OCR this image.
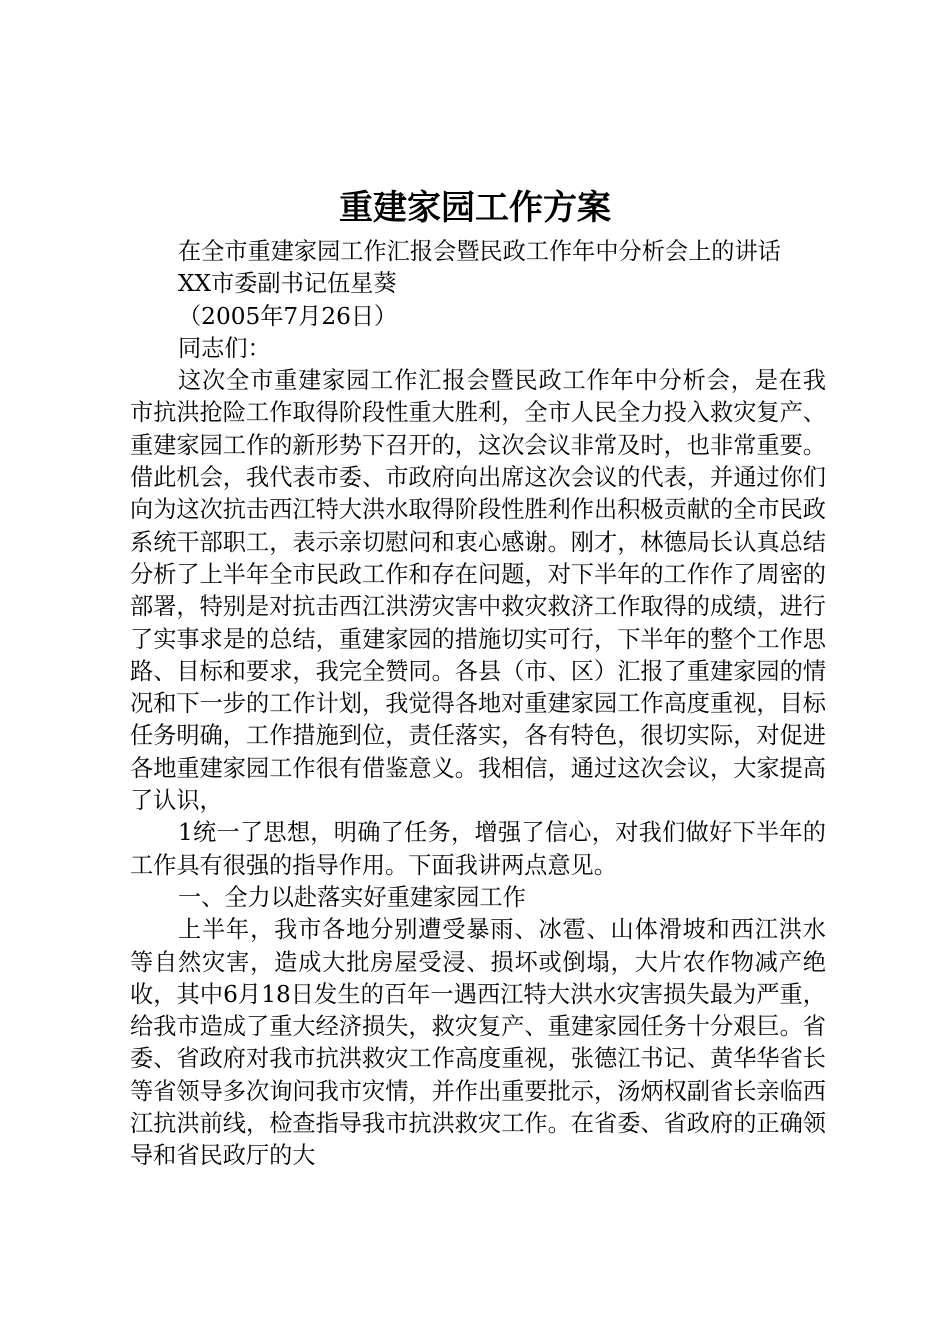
重建家园工作方案

在全市重建家园工作汇报会暨民政工作年中分析会上的讲话

XX市委副书记伍星葵

（2005年7月26日）

同志们：

这次全市重建家园工作汇报会暨民政工作年中分析会，是在我市抗洪抢险工作取得阶段性重大胜利，全市人民全力投入救灾复产、重建家园工作的新形势下召开的，这次会议非常及时，也非常重要。借此机会，我代表市委、市政府向出席这次会议的代表，并通过你们向为这次抗击西江特大洪水取得阶段性胜利作出积极贡献的全市民政系统干部职工，表示亲切慰问和衷心感谢。刚才，林德局长认真总结分析了上半年全市民政工作和存在问题，对下半年的工作作了周密的部署，特别是对抗击西江洪涝灾害中救灾救济工作取得的成绩，进行了实事求是的总结，重建家园的措施切实可行，下半年的整个工作思路、目标和要求，我完全赞同。各县（市、区）汇报了重建家园的情况和下一步的工作计划，我觉得各地对重建家园工作高度重视，目标任务明确，工作措施到位，责任落实，各有特色，很切实际，对促进各地重建家园工作很有借鉴意义。我相信，通过这次会议，大家提高了认识，

1统一了思想，明确了任务，增强了信心，对我们做好下半年的工作具有很强的指导作用。下面我讲两点意见。

一、全力以赴落实好重建家园工作

上半年，我市各地分别遭受暴雨、冰雹、山体滑坡和西江洪水等自然灾害，造成大批房屋受浸、损坏或倒塌，大片农作物减产绝收，其中6月18日发生的百年一遇西江特大洪水灾害损失最为严重，给我市造成了重大经济损失，救灾复产、重建家园任务十分艰巨。省委、省政府对我市抗洪救灾工作高度重视，张德江书记、黄华华省长等省领导多次询问我市灾情，并作出重要批示，汤炳权副省长亲临西江抗洪前线，检查指导我市抗洪救灾工作。在省委、省政府的正确领导和省民政厅的大
